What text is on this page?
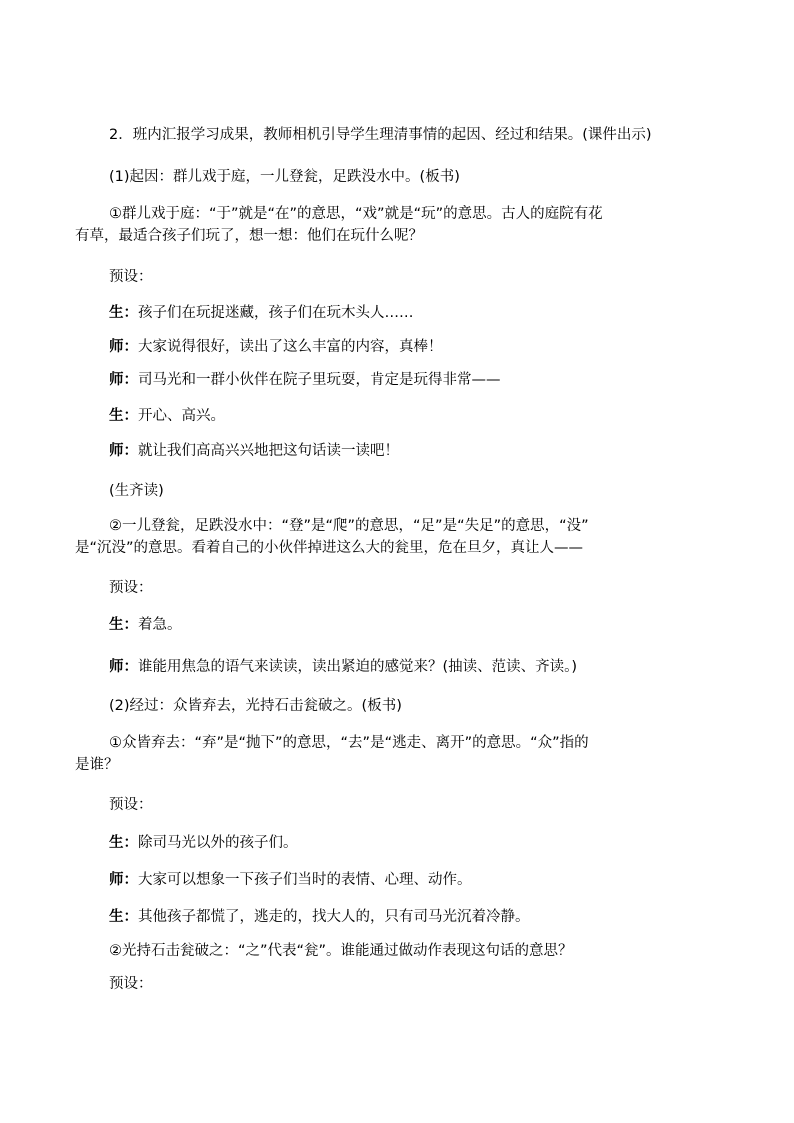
2．班内汇报学习成果，教师相机引导学生理清事情的起因、经过和结果。(课件出示)
(1)起因：群儿戏于庭，一儿登瓮，足跌没水中。(板书)
①群儿戏于庭：“于”就是“在”的意思，“戏”就是“玩”的意思。古人的庭院有花
有草，最适合孩子们玩了，想一想：他们在玩什么呢？
预设：
生：孩子们在玩捉迷藏，孩子们在玩木头人……
师：大家说得很好，读出了这么丰富的内容，真棒！
师：司马光和一群小伙伴在院子里玩耍，肯定是玩得非常——
生：开心、高兴。
师：就让我们高高兴兴地把这句话读一读吧！
(生齐读)
②一儿登瓮，足跌没水中：“登”是“爬”的意思，“足”是“失足”的意思，“没”
是“沉没”的意思。看着自己的小伙伴掉进这么大的瓮里，危在旦夕，真让人——
预设：
生：着急。
师：谁能用焦急的语气来读读，读出紧迫的感觉来？(抽读、范读、齐读。)
(2)经过：众皆弃去，光持石击瓮破之。(板书)
①众皆弃去：“弃”是“抛下”的意思，“去”是“逃走、离开”的意思。“众”指的
是谁？
预设：
生：除司马光以外的孩子们。
师：大家可以想象一下孩子们当时的表情、心理、动作。
生：其他孩子都慌了，逃走的，找大人的，只有司马光沉着冷静。
②光持石击瓮破之：“之”代表“瓮”。谁能通过做动作表现这句话的意思？
预设：
